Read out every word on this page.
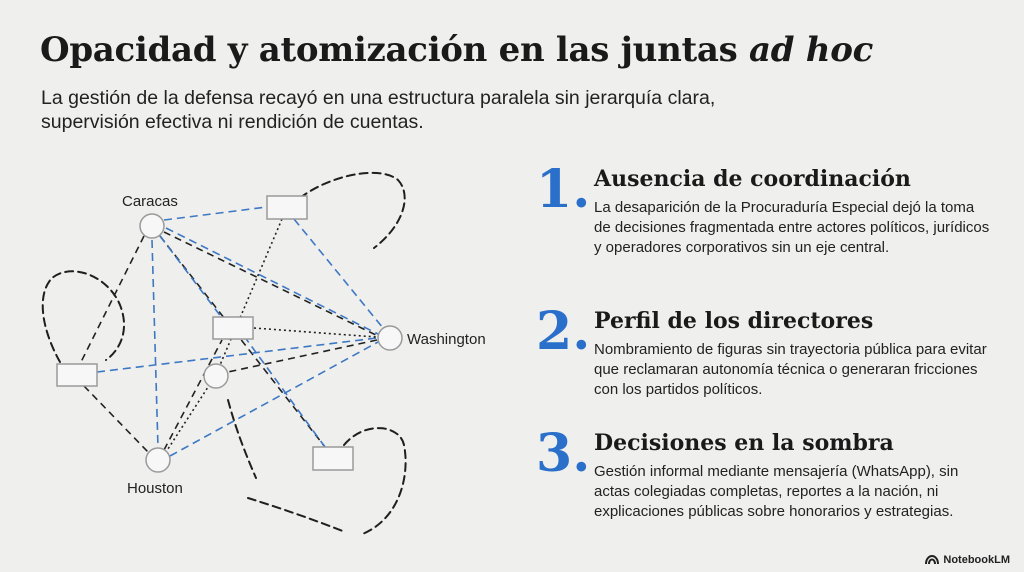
Opacidad y atomización en las juntas ad hoc

La gestión de la defensa recayó en una estructura paralela sin jerarquía clara, supervisión efectiva ni rendición de cuentas.

Caracas
Washington
Houston
1. Ausencia de coordinación
La desaparición de la Procuraduría Especial dejó la toma de decisiones fragmentada entre actores políticos, jurídicos y operadores corporativos sin un eje central.
2. Perfil de los directores
Nombramiento de figuras sin trayectoria pública para evitar que reclamaran autonomía técnica o generaran fricciones con los partidos políticos.
3. Decisiones en la sombra
Gestión informal mediante mensajería (WhatsApp), sin actas colegiadas completas, reportes a la nación, ni explicaciones públicas sobre honorarios y estrategias.
NotebookLM
